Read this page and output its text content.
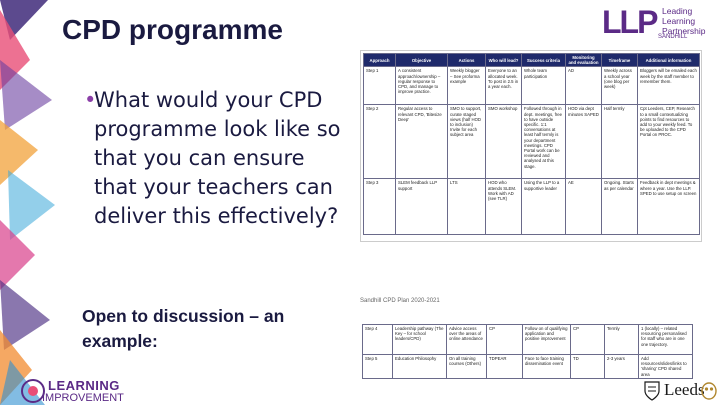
CPD programme	LLP Leading
Learning
Partnership
SANDHILL
•
What would your CPD programme look like so that you can ensure that your teachers can deliver this effectively?
Open to discussion – an example:
LEARNING
IMPROVEMENT
Approach	Objective	Actions	Who will lead?	Success criteria	Monitoring and evaluation	Timeframe	Additional information
Step 1	A consistent approach/ownership – regular response to CPD, and manage to improve practice.	Weekly blogger – See proforma example	Everyone to an allocated week. To post in 2.5 in a year each.	Whole team participation	AD	Weekly across a school year (one blog per week)	Bloggers will be emailed each week by the staff member to remember them.
Step 2	Regular access to relevant CPD, 'Bitesize Deep'	SMO to support, curate staged views (half HOD to inclusion) Invite for each subject area	SMO workshop	Followed through in dept. meetings, free to have outside specific. 1:1 conversations at least half termly is your department meetings. CPD Portal work can be reviewed and analysed at this stage.	HOD via dept minutes SAPED	Half termly	Cpt Leeders, CEP, Research to a small contextualizing points to find resources to add to your weekly feed. To be uploaded to the CPD Portal on PROC.
Step 3	SLEM feedback LLP support	LTS	HOD who attends SLEM. Work with AD (see TLR)	Using the LLP to a supportive leader	AE	Ongoing. Starts as per calendar	Feedback in dept meetings & where a year. Use the LLP. SPED to use setup on screen
Sandhill CPD Plan 2020-2021
Step 4	Leadership pathway (The Key – for school leaders/CPD)	Advice access over the areas of online attendance	CP	Follow on of qualifying application and positive improvement	CP	Termly	1 (locally) – related resourcing personalised for staff who are in one one trajectory.
Step 5	Education Philosophy	On all training courses (Others)	TDPEAR	Face to face training dissemination event	TD	2-3 years	Add resources/slides/links to 'sharing' CPD shared area
Leeds
